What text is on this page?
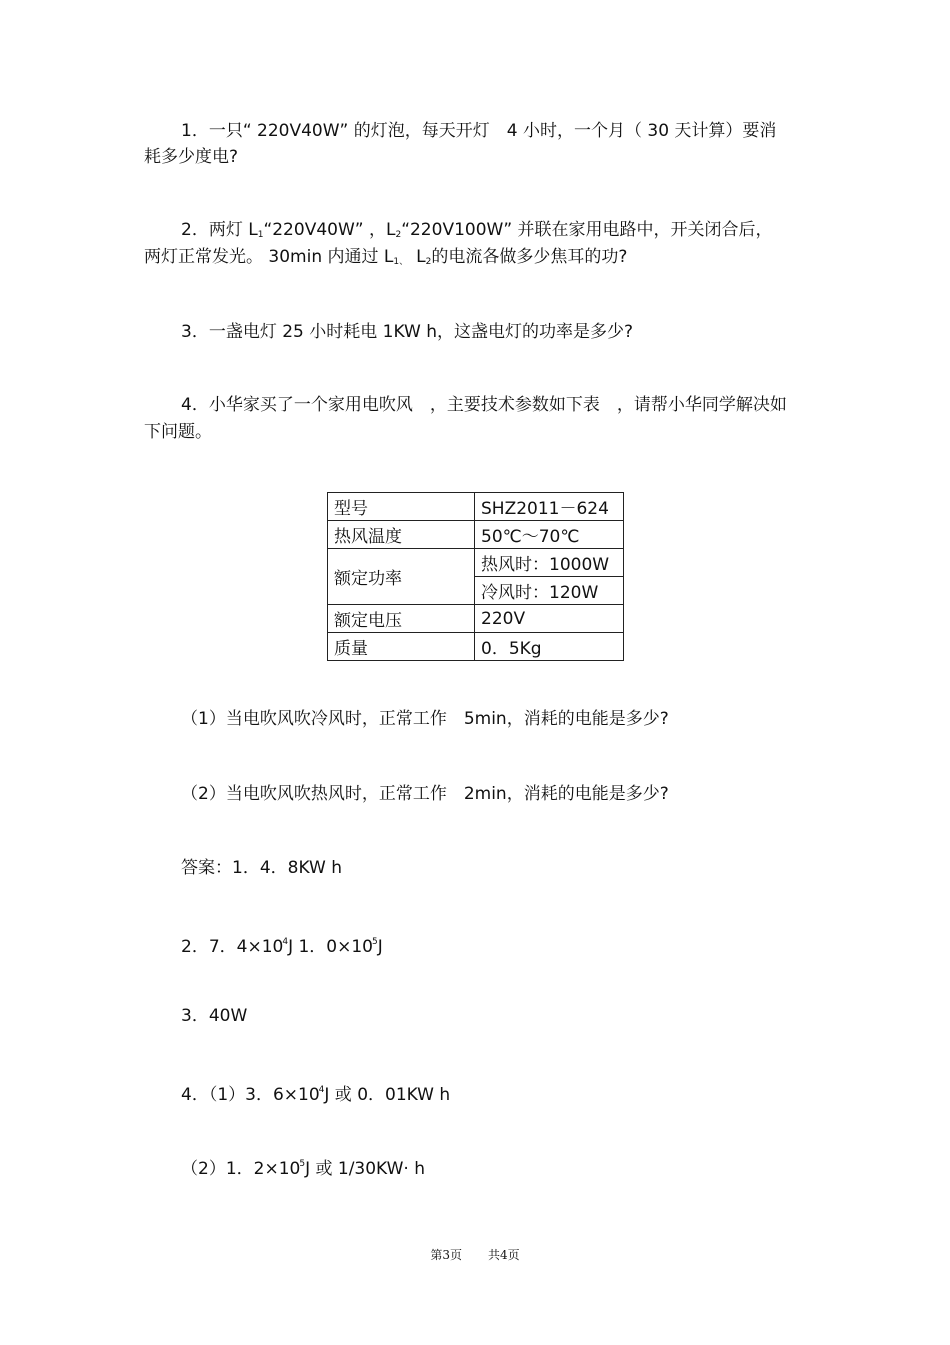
1．一只“ 220V40W” 的灯泡，每天开灯　4 小时，一个月（ 30 天计算）要消
耗多少度电?
2．两灯 $L_1“220V40W$” ，$L_2“220V100W$” 并联在家用电路中，开关闭合后，
两灯正常发光。 30min 内通过 $L_{1、}$ $L_2$的电流各做多少焦耳的功?
3．一盏电灯 25 小时耗电 1KW h，这盏电灯的功率是多少?
4．小华家买了一个家用电吹风　，主要技术参数如下表　，请帮小华同学解决如
下问题。
型号	SHZ2011－624
热风温度	50℃～70℃
额定功率	热风时：1000W
	冷风时：120W
额定电压	220V
质量	0．5Kg
（1）当电吹风吹冷风时，正常工作　5min，消耗的电能是多少?
（2）当电吹风吹热风时，正常工作　2min，消耗的电能是多少?
答案：1．4．8KW h
2．7．$4\times 10^4J$ 1．$0\times 10^5J$
3．40W
4．（1）3．$6\times 10^4J$ 或 0．01KW h
（2）1．$2\times 10^5J$ 或 1/30KW· h
第3页 共4页
